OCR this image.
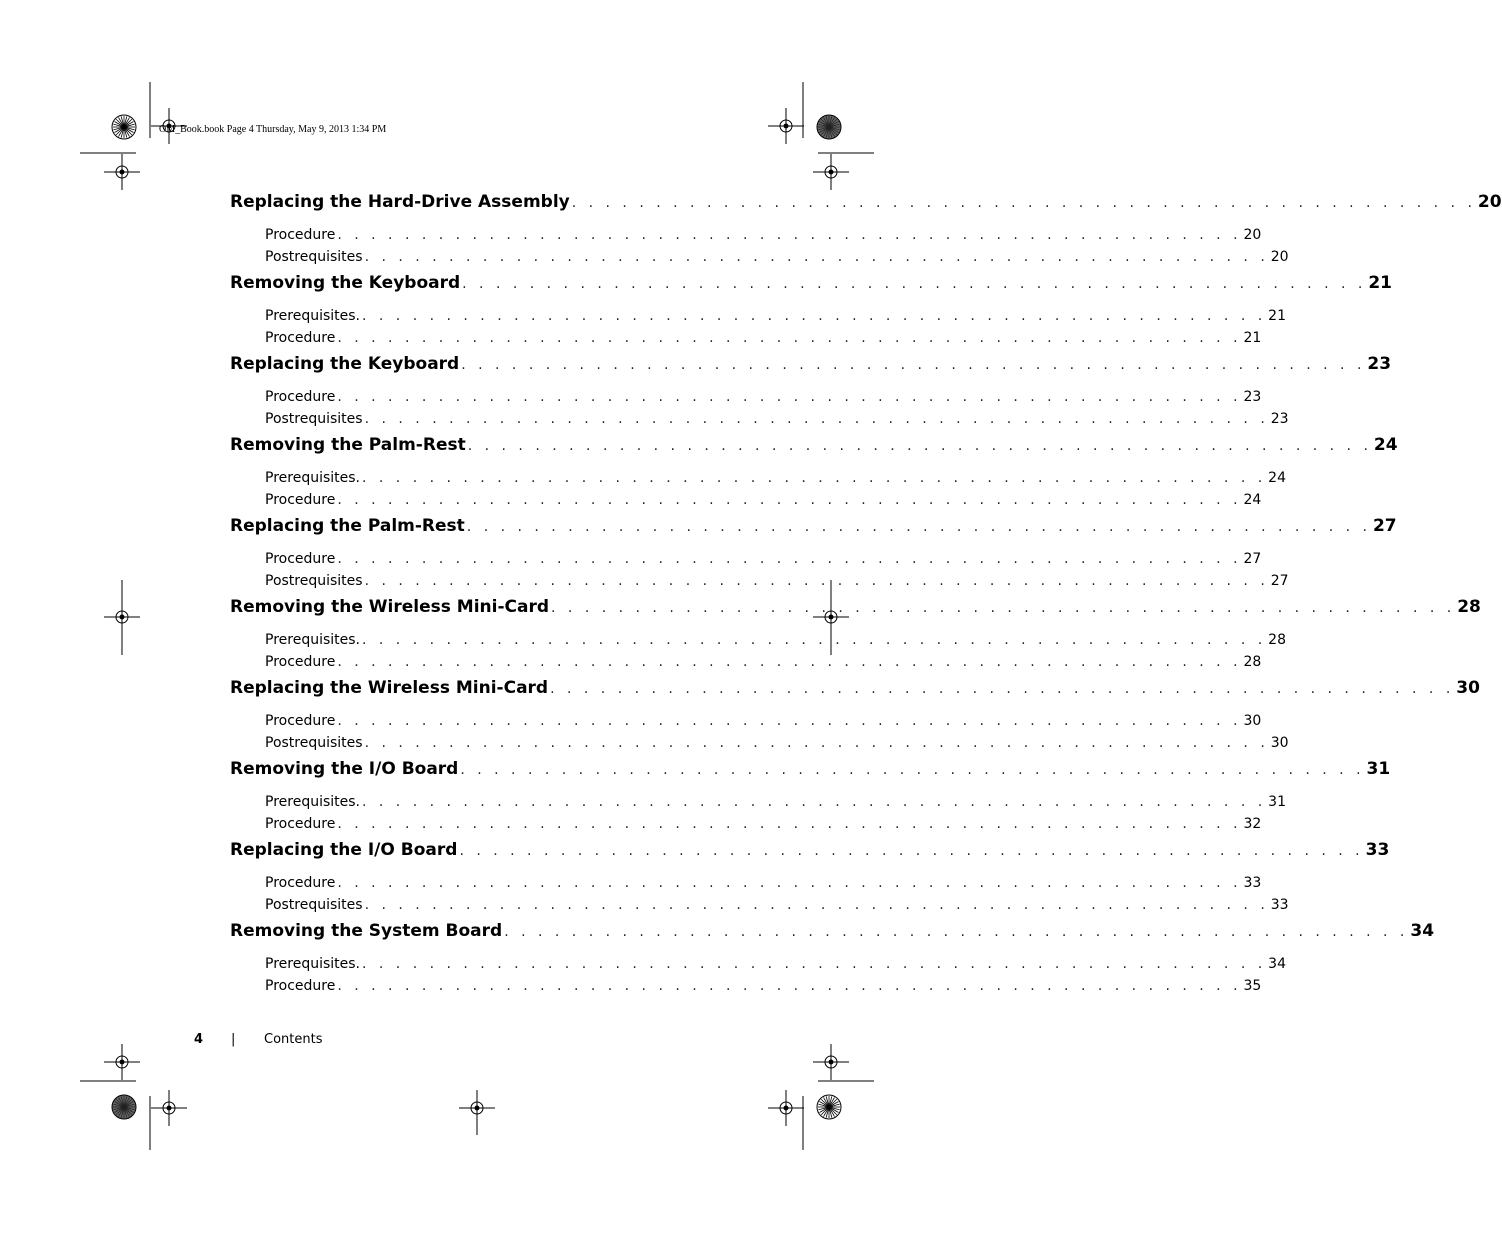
OM_Book.book Page 4 Thursday, May 9, 2013 1:34 PM
Replacing the Hard-Drive Assembly . . . . . . . . . . . . . . . . . . . . . . . . . . . . . . . . . . . . . . . . . . . . . . . . . . . . . . 20
Procedure . . . . . . . . . . . . . . . . . . . . . . . . . . . . . . . . . . . . . . . . . . . . . . . . . . . . . . 20
Postrequisites . . . . . . . . . . . . . . . . . . . . . . . . . . . . . . . . . . . . . . . . . . . . . . . . . . . . . . 20
Removing the Keyboard . . . . . . . . . . . . . . . . . . . . . . . . . . . . . . . . . . . . . . . . . . . . . . . . . . . . . . 21
Prerequisites. . . . . . . . . . . . . . . . . . . . . . . . . . . . . . . . . . . . . . . . . . . . . . . . . . . . . . . 21
Procedure . . . . . . . . . . . . . . . . . . . . . . . . . . . . . . . . . . . . . . . . . . . . . . . . . . . . . . 21
Replacing the Keyboard . . . . . . . . . . . . . . . . . . . . . . . . . . . . . . . . . . . . . . . . . . . . . . . . . . . . . . 23
Procedure . . . . . . . . . . . . . . . . . . . . . . . . . . . . . . . . . . . . . . . . . . . . . . . . . . . . . . 23
Postrequisites . . . . . . . . . . . . . . . . . . . . . . . . . . . . . . . . . . . . . . . . . . . . . . . . . . . . . . 23
Removing the Palm-Rest . . . . . . . . . . . . . . . . . . . . . . . . . . . . . . . . . . . . . . . . . . . . . . . . . . . . . . 24
Prerequisites. . . . . . . . . . . . . . . . . . . . . . . . . . . . . . . . . . . . . . . . . . . . . . . . . . . . . . . 24
Procedure . . . . . . . . . . . . . . . . . . . . . . . . . . . . . . . . . . . . . . . . . . . . . . . . . . . . . . 24
Replacing the Palm-Rest . . . . . . . . . . . . . . . . . . . . . . . . . . . . . . . . . . . . . . . . . . . . . . . . . . . . . . 27
Procedure . . . . . . . . . . . . . . . . . . . . . . . . . . . . . . . . . . . . . . . . . . . . . . . . . . . . . . 27
Postrequisites . . . . . . . . . . . . . . . . . . . . . . . . . . . . . . . . . . . . . . . . . . . . . . . . . . . . . . 27
Removing the Wireless Mini-Card . . . . . . . . . . . . . . . . . . . . . . . . . . . . . . . . . . . . . . . . . . . . . . . . . . . . . . 28
Prerequisites. . . . . . . . . . . . . . . . . . . . . . . . . . . . . . . . . . . . . . . . . . . . . . . . . . . . . . . 28
Procedure . . . . . . . . . . . . . . . . . . . . . . . . . . . . . . . . . . . . . . . . . . . . . . . . . . . . . . 28
Replacing the Wireless Mini-Card . . . . . . . . . . . . . . . . . . . . . . . . . . . . . . . . . . . . . . . . . . . . . . . . . . . . . . 30
Procedure . . . . . . . . . . . . . . . . . . . . . . . . . . . . . . . . . . . . . . . . . . . . . . . . . . . . . . 30
Postrequisites . . . . . . . . . . . . . . . . . . . . . . . . . . . . . . . . . . . . . . . . . . . . . . . . . . . . . . 30
Removing the I/O Board . . . . . . . . . . . . . . . . . . . . . . . . . . . . . . . . . . . . . . . . . . . . . . . . . . . . . . 31
Prerequisites. . . . . . . . . . . . . . . . . . . . . . . . . . . . . . . . . . . . . . . . . . . . . . . . . . . . . . . 31
Procedure . . . . . . . . . . . . . . . . . . . . . . . . . . . . . . . . . . . . . . . . . . . . . . . . . . . . . . 32
Replacing the I/O Board . . . . . . . . . . . . . . . . . . . . . . . . . . . . . . . . . . . . . . . . . . . . . . . . . . . . . . 33
Procedure . . . . . . . . . . . . . . . . . . . . . . . . . . . . . . . . . . . . . . . . . . . . . . . . . . . . . . 33
Postrequisites . . . . . . . . . . . . . . . . . . . . . . . . . . . . . . . . . . . . . . . . . . . . . . . . . . . . . . 33
Removing the System Board . . . . . . . . . . . . . . . . . . . . . . . . . . . . . . . . . . . . . . . . . . . . . . . . . . . . . . 34
Prerequisites. . . . . . . . . . . . . . . . . . . . . . . . . . . . . . . . . . . . . . . . . . . . . . . . . . . . . . . 34
Procedure . . . . . . . . . . . . . . . . . . . . . . . . . . . . . . . . . . . . . . . . . . . . . . . . . . . . . . 35
4 | Contents
